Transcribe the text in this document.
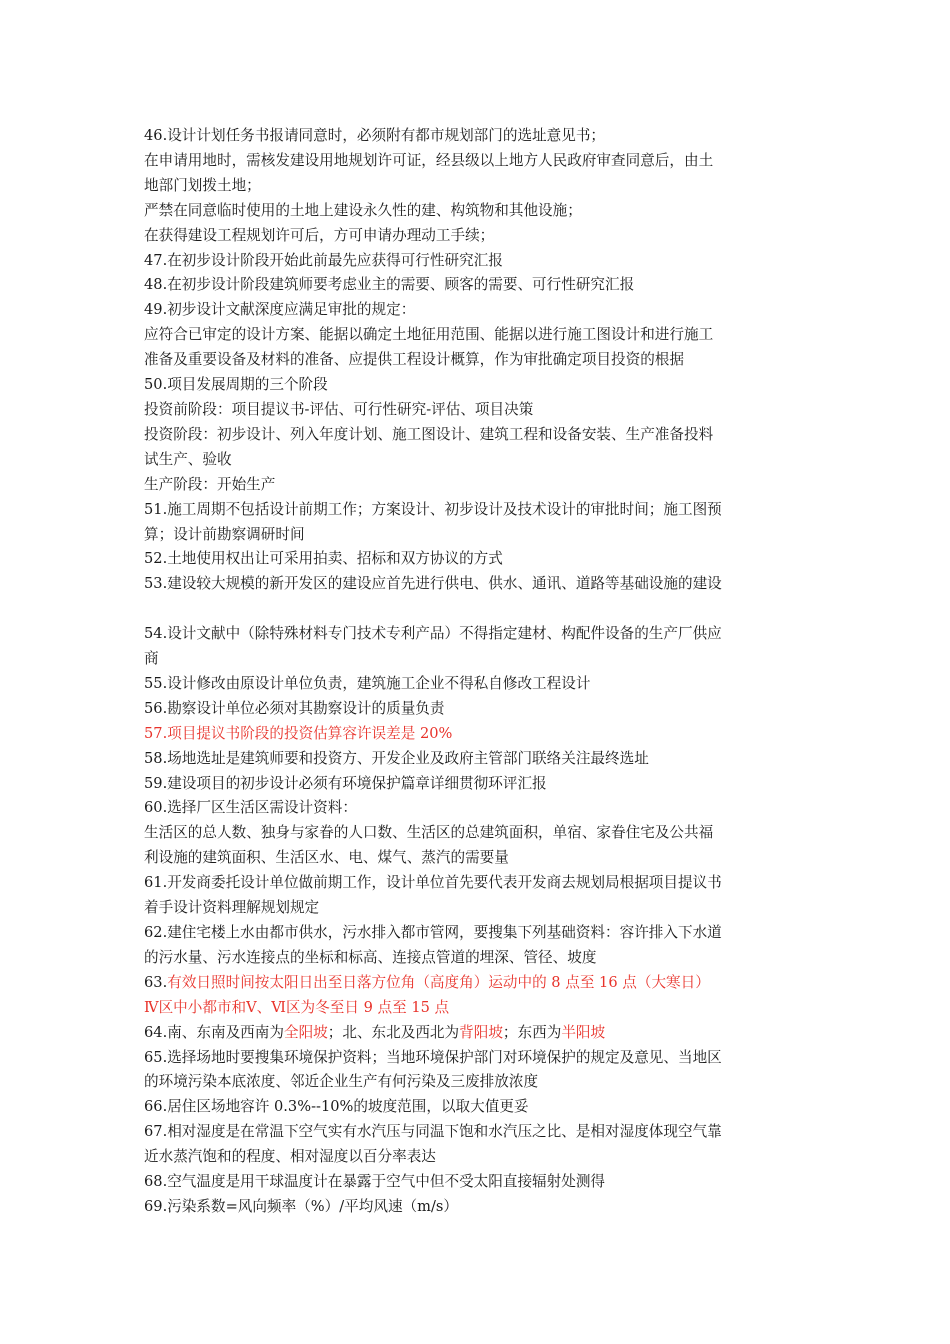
46.设计计划任务书报请同意时，必须附有都市规划部门的选址意见书；
在申请用地时，需核发建设用地规划许可证，经县级以上地方人民政府审查同意后，由土
地部门划拨土地；
严禁在同意临时使用的土地上建设永久性的建、构筑物和其他设施；
在获得建设工程规划许可后，方可申请办理动工手续；
47.在初步设计阶段开始此前最先应获得可行性研究汇报
48.在初步设计阶段建筑师要考虑业主的需要、顾客的需要、可行性研究汇报
49.初步设计文献深度应满足审批的规定：
应符合已审定的设计方案、能据以确定土地征用范围、能据以进行施工图设计和进行施工
准备及重要设备及材料的准备、应提供工程设计概算，作为审批确定项目投资的根据
50.项目发展周期的三个阶段
投资前阶段：项目提议书-评估、可行性研究-评估、项目决策
投资阶段：初步设计、列入年度计划、施工图设计、建筑工程和设备安装、生产准备投料
试生产、验收
生产阶段：开始生产
51.施工周期不包括设计前期工作；方案设计、初步设计及技术设计的审批时间；施工图预
算；设计前勘察调研时间
52.土地使用权出让可采用拍卖、招标和双方协议的方式
53.建设较大规模的新开发区的建设应首先进行供电、供水、通讯、道路等基础设施的建设
54.设计文献中（除特殊材料专门技术专利产品）不得指定建材、构配件设备的生产厂供应
商
55.设计修改由原设计单位负责，建筑施工企业不得私自修改工程设计
56.勘察设计单位必须对其勘察设计的质量负责
57.项目提议书阶段的投资估算容许误差是 20%
58.场地选址是建筑师要和投资方、开发企业及政府主管部门联络关注最终选址
59.建设项目的初步设计必须有环境保护篇章详细贯彻环评汇报
60.选择厂区生活区需设计资料：
生活区的总人数、独身与家眷的人口数、生活区的总建筑面积，单宿、家眷住宅及公共福
利设施的建筑面积、生活区水、电、煤气、蒸汽的需要量
61.开发商委托设计单位做前期工作，设计单位首先要代表开发商去规划局根据项目提议书
着手设计资料理解规划规定
62.建住宅楼上水由都市供水，污水排入都市管网，要搜集下列基础资料：容许排入下水道
的污水量、污水连接点的坐标和标高、连接点管道的埋深、管径、坡度
63.有效日照时间按太阳日出至日落方位角（高度角）运动中的 8 点至 16 点（大寒日）
Ⅳ区中小都市和Ⅴ、Ⅵ区为冬至日 9 点至 15 点
64.南、东南及西南为全阳坡；北、东北及西北为背阳坡；东西为半阳坡
65.选择场地时要搜集环境保护资料；当地环境保护部门对环境保护的规定及意见、当地区
的环境污染本底浓度、邻近企业生产有何污染及三废排放浓度
66.居住区场地容许 0.3%--10%的坡度范围，以取大值更妥
67.相对湿度是在常温下空气实有水汽压与同温下饱和水汽压之比、是相对湿度体现空气靠
近水蒸汽饱和的程度、相对湿度以百分率表达
68.空气温度是用干球温度计在暴露于空气中但不受太阳直接辐射处测得
69.污染系数=风向频率（%）/平均风速（m/s）
